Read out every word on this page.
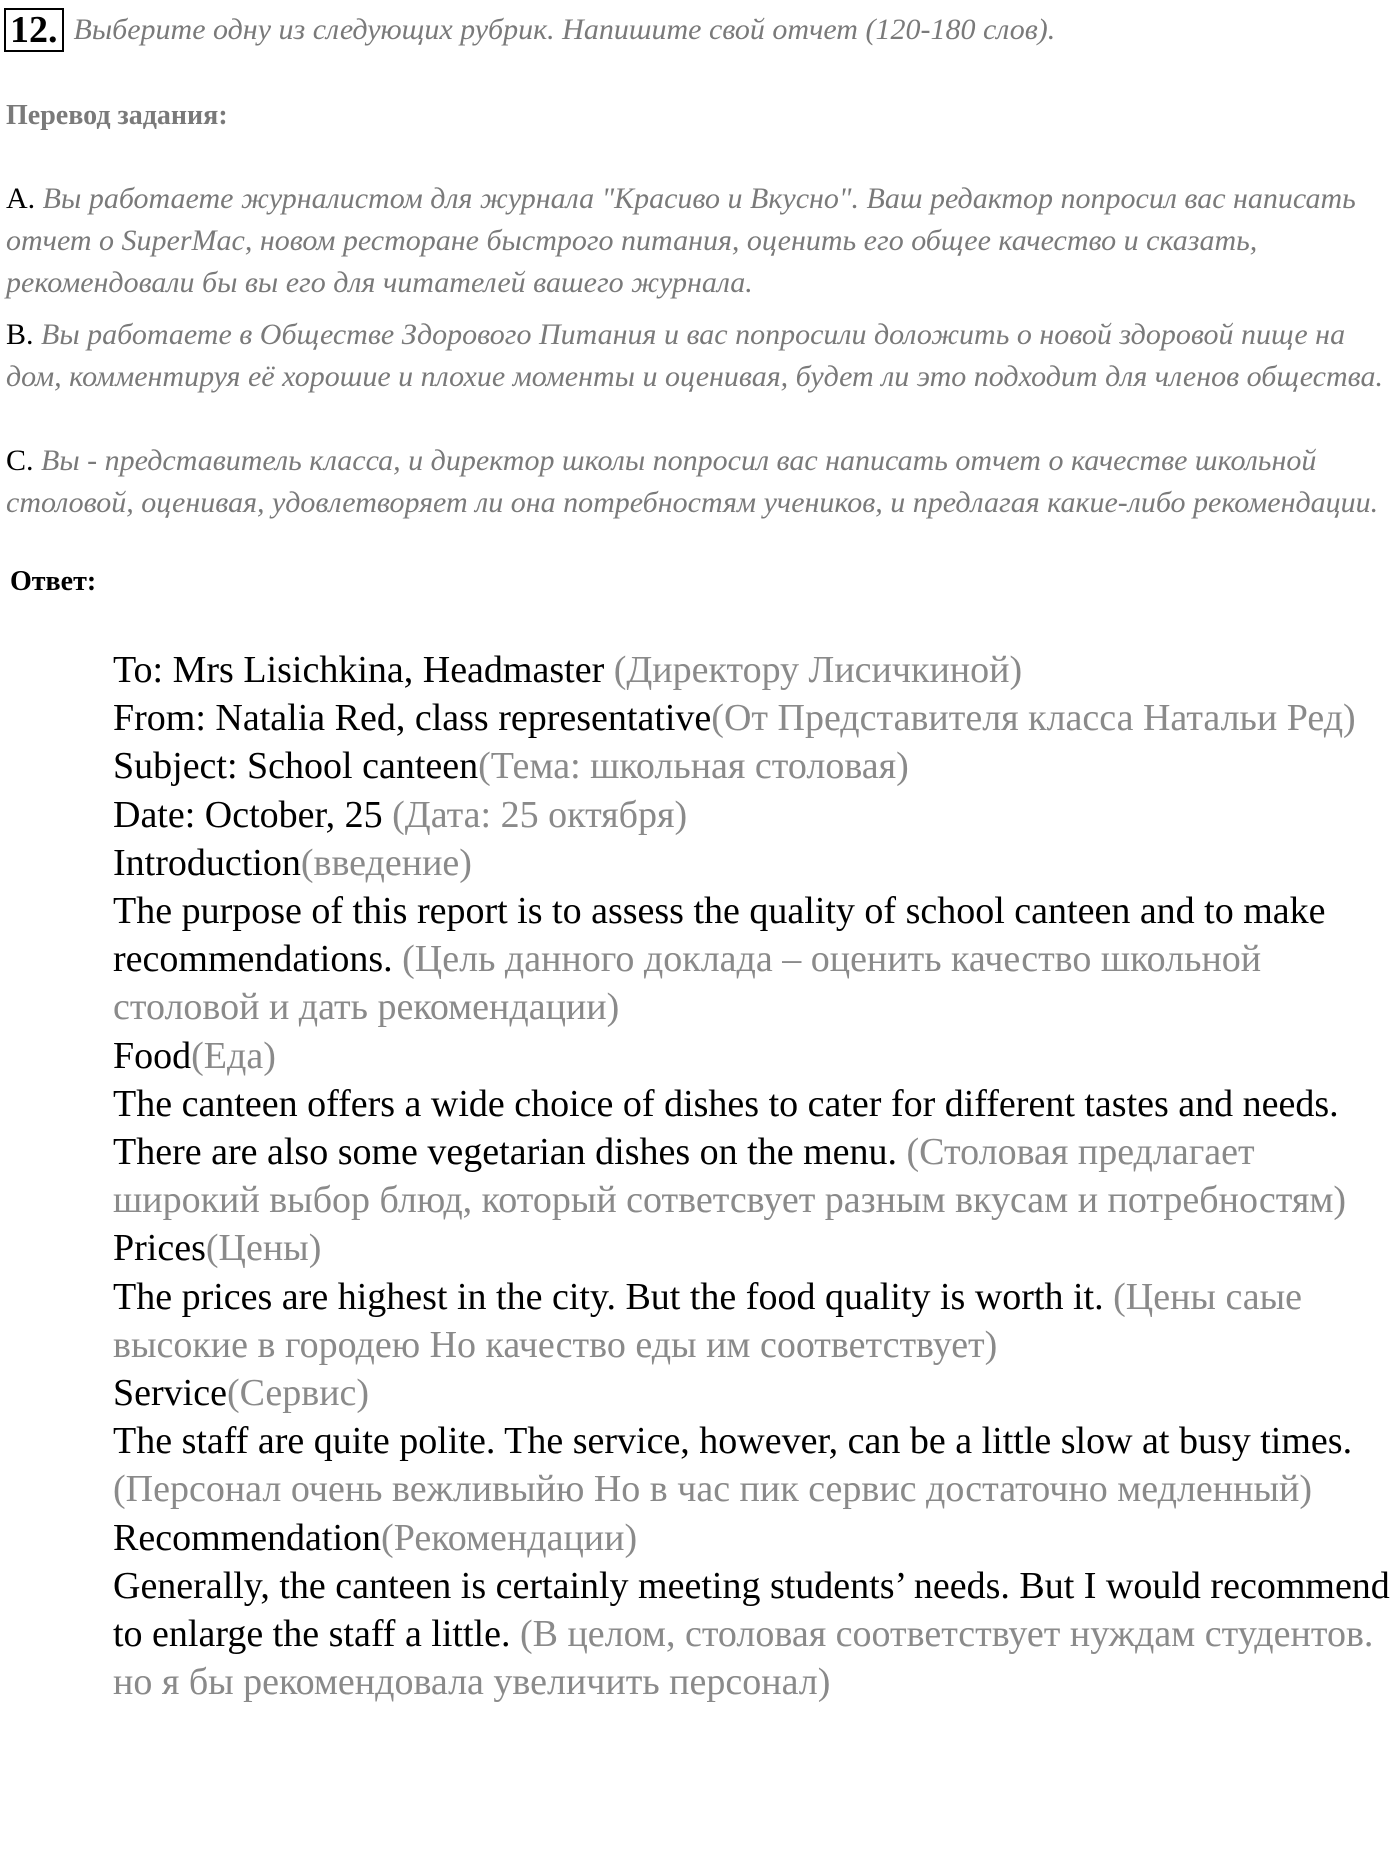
12. Выберите одну из следующих рубрик. Напишите свой отчет (120-180 слов).
Перевод задания:
A. Вы работаете журналистом для журнала "Красиво и Вкусно". Ваш редактор попросил вас написать отчет о SuperMac, новом ресторане быстрого питания, оценить его общее качество и сказать, рекомендовали бы вы его для читателей вашего журнала.
B. Вы работаете в Обществе Здорового Питания и вас попросили доложить о новой здоровой пище на дом, комментируя её хорошие и плохие моменты и оценивая, будет ли это подходит для членов общества.
C. Вы - представитель класса, и директор школы попросил вас написать отчет о качестве школьной столовой, оценивая, удовлетворяет ли она потребностям учеников, и предлагая какие-либо рекомендации.
Ответ:

To: Mrs Lisichkina, Headmaster (Директору Лисичкиной)

From: Natalia Red, class representative(От Представителя класса Натальи Ред)

Subject: School canteen(Тема: школьная столовая)

Date: October, 25 (Дата: 25 октября)

Introduction(введение)

The purpose of this report is to assess the quality of school canteen and to make recommendations. (Цель данного доклада – оценить качество школьной столовой и дать рекомендации)

Food(Еда)

The canteen offers a wide choice of dishes to cater for different tastes and needs. There are also some vegetarian dishes on the menu. (Столовая предлагает широкий выбор блюд, который сответсвует разным вкусам и потребностям)

Prices(Цены)

The prices are highest in the city. But the food quality is worth it. (Цены саые высокие в городею Но качество еды им соответствует)

Service(Сервис)

The staff are quite polite. The service, however, can be a little slow at busy times. (Персонал очень вежливыйю Но в час пик сервис достаточно медленный)

Recommendation(Рекомендации)

Generally, the canteen is certainly meeting students’ needs. But I would recommend to enlarge the staff a little. (В целом, столовая соответствует нуждам студентов. но я бы рекомендовала увеличить персонал)
